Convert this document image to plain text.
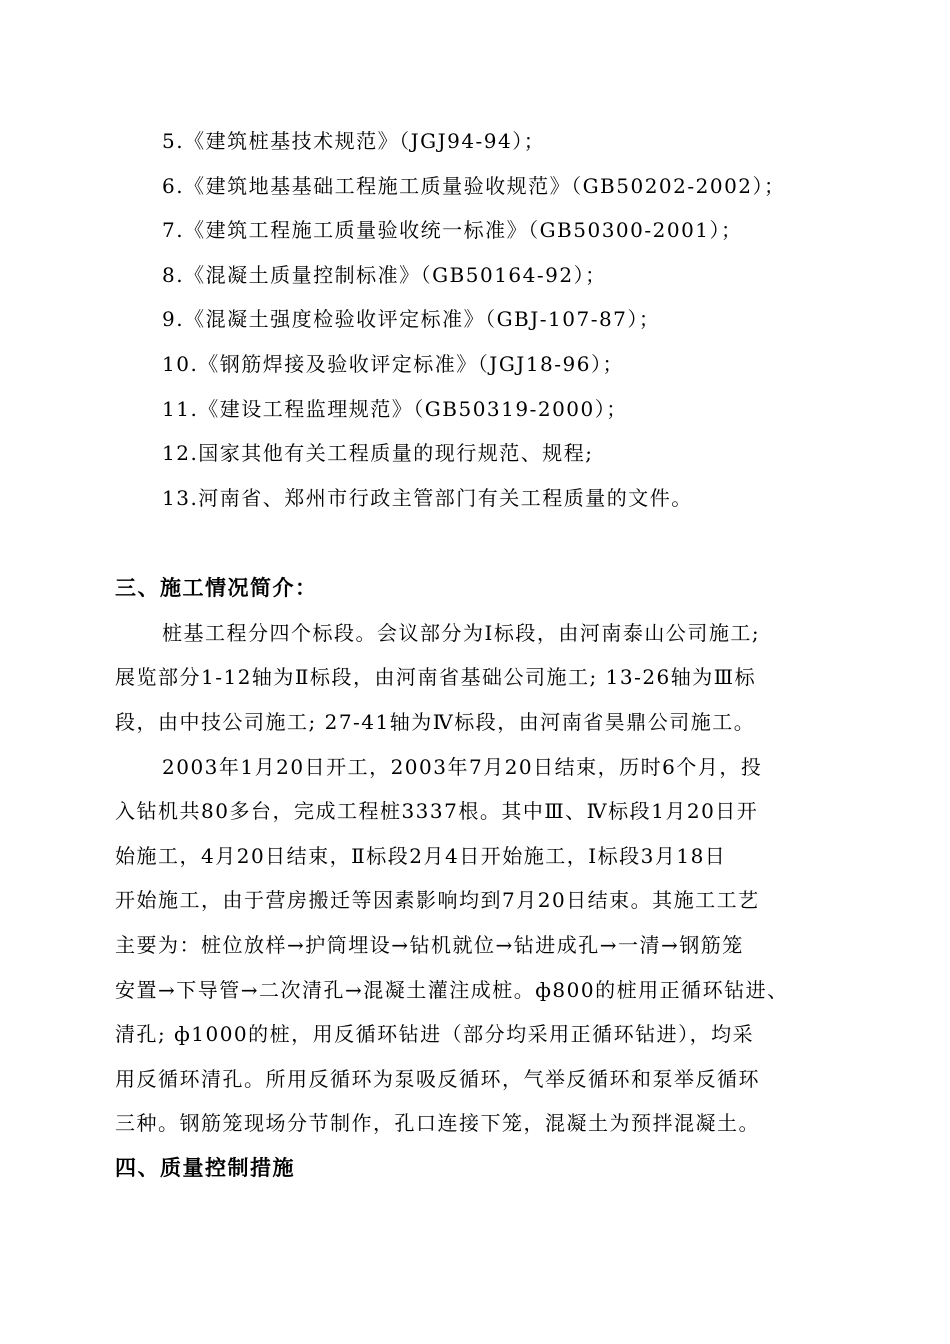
5.《建筑桩基技术规范》（JGJ94-94）；
6.《建筑地基基础工程施工质量验收规范》（GB50202-2002）；
7.《建筑工程施工质量验收统一标准》（GB50300-2001）；
8.《混凝土质量控制标准》（GB50164-92）；
9.《混凝土强度检验收评定标准》（GBJ-107-87）；
10.《钢筋焊接及验收评定标准》（JGJ18-96）；
11.《建设工程监理规范》（GB50319-2000）；
12.国家其他有关工程质量的现行规范、规程;
13.河南省、郑州市行政主管部门有关工程质量的文件。
三、施工情况简介：
桩基工程分四个标段。会议部分为Ⅰ标段，由河南泰山公司施工;
展览部分1-12轴为Ⅱ标段，由河南省基础公司施工; 13-26轴为Ⅲ标
段，由中技公司施工; 27-41轴为Ⅳ标段，由河南省昊鼎公司施工。
2003年1月20日开工，2003年7月20日结束，历时6个月，投
入钻机共80多台，完成工程桩3337根。其中Ⅲ、Ⅳ标段1月20日开
始施工，4月20日结束，Ⅱ标段2月4日开始施工，Ⅰ标段3月18日
开始施工，由于营房搬迁等因素影响均到7月20日结束。其施工工艺
主要为：桩位放样→护筒埋设→钻机就位→钻进成孔→一清→钢筋笼
安置→下导管→二次清孔→混凝土灌注成桩。ф800的桩用正循环钻进、
清孔; ф1000的桩，用反循环钻进（部分均采用正循环钻进），均采
用反循环清孔。所用反循环为泵吸反循环，气举反循环和泵举反循环
三种。钢筋笼现场分节制作，孔口连接下笼，混凝土为预拌混凝土。
四、质量控制措施
